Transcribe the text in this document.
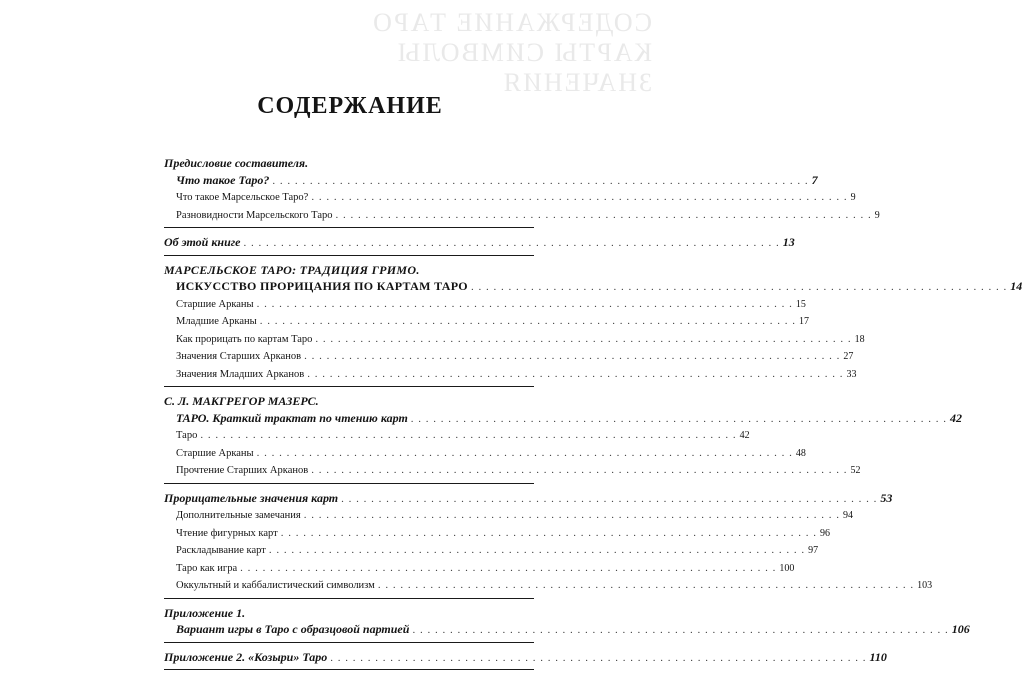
СОДЕРЖАНИЕ ТАРО
КАРТЫ СИМВОЛЫ
ЗНАЧЕНИЯ
СОДЕРЖАНИЕ
Предисловие составителя.
Что такое Таро? . . .	7
Что такое Марсельское Таро? . . .	9
Разновидности Марсельского Таро . . .	9
Об этой книге . . .	13
МАРСЕЛЬСКОЕ ТАРО: ТРАДИЦИЯ ГРИМО.
ИСКУССТВО ПРОРИЦАНИЯ ПО КАРТАМ ТАРО . . .	14
Старшие Арканы . . .	15
Младшие Арканы . . .	17
Как прорицать по картам Таро . . .	18
Значения Старших Арканов . . .	27
Значения Младших Арканов . . .	33
С. Л. МАКГРЕГОР МАЗЕРС.
ТАРО. Краткий трактат по чтению карт . . .	42
Таро . . .	42
Старшие Арканы . . .	48
Прочтение Старших Арканов . . .	52
Прорицательные значения карт . . .	53
Дополнительные замечания . . .	94
Чтение фигурных карт . . .	96
Раскладывание карт . . .	97
Таро как игра . . .	100
Оккультный и каббалистический символизм . . .	103
Приложение 1.
Вариант игры в Таро с образцовой партией . . .	106
Приложение 2. «Козыри» Таро . . .	110
